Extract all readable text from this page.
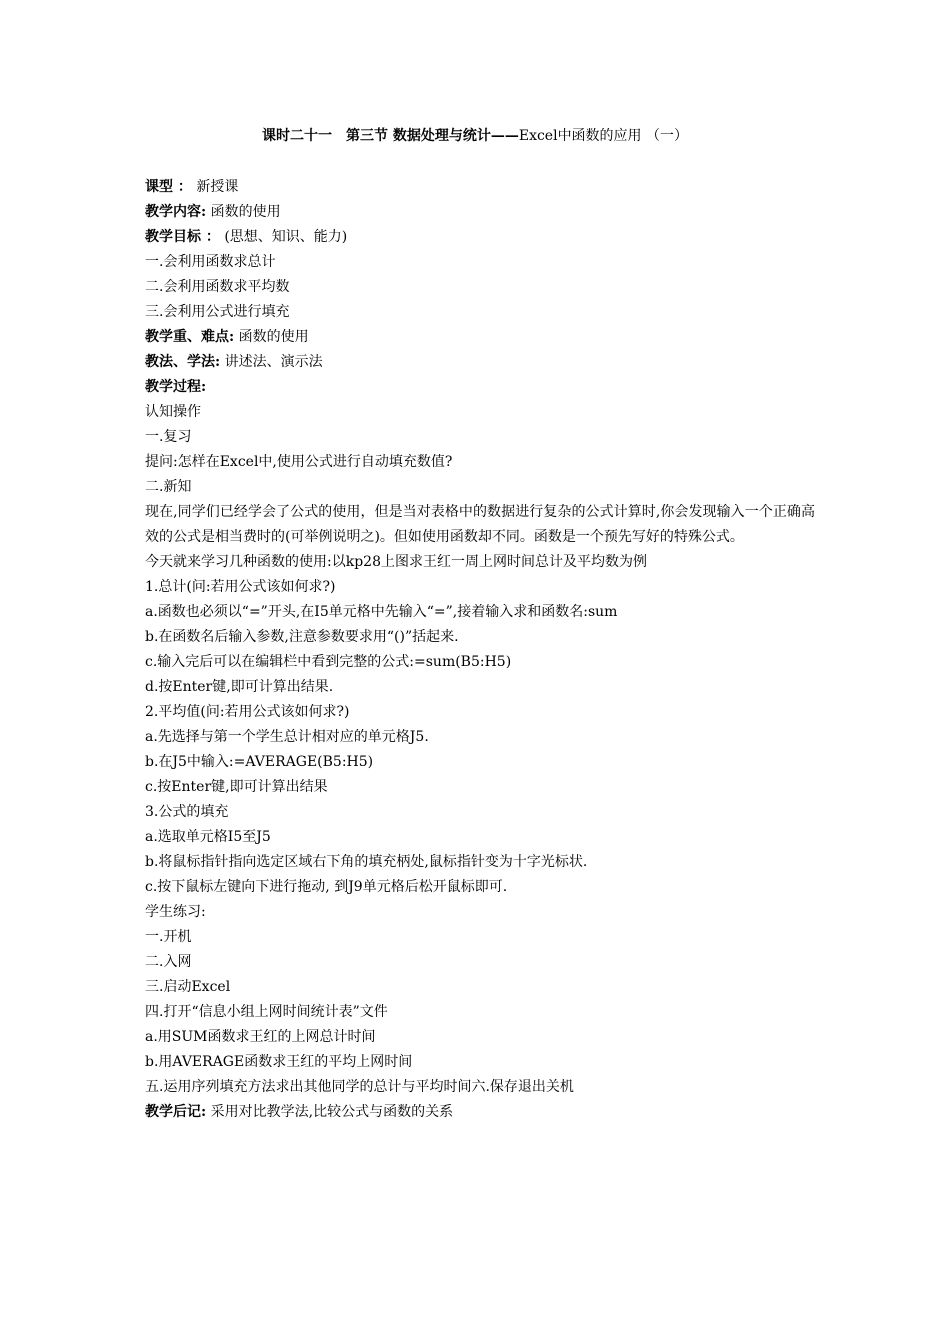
课时二十一　第三节 数据处理与统计——Excel中函数的应用 （一）
课型 ： 新授课
教学内容: 函数的使用
教学目标 ： (思想、知识、能力)
一.会利用函数求总计
二.会利用函数求平均数
三.会利用公式进行填充
教学重、难点: 函数的使用
教法、学法: 讲述法、演示法
教学过程:
认知操作
一.复习
提问:怎样在Excel中,使用公式进行自动填充数值?
二.新知
现在,同学们已经学会了公式的使用，但是当对表格中的数据进行复杂的公式计算时,你会发现输入一个正确高效的公式是相当费时的(可举例说明之)。但如使用函数却不同。函数是一个预先写好的特殊公式。
今天就来学习几种函数的使用:以kp28上图求王红一周上网时间总计及平均数为例
1.总计(问:若用公式该如何求?)
a.函数也必须以“=”开头,在I5单元格中先输入“=”,接着输入求和函数名:sum
b.在函数名后输入参数,注意参数要求用“()”括起来.
c.输入完后可以在编辑栏中看到完整的公式:=sum(B5:H5)
d.按Enter键,即可计算出结果.
2.平均值(问:若用公式该如何求?)
a.先选择与第一个学生总计相对应的单元格J5.
b.在J5中输入:=AVERAGE(B5:H5)
c.按Enter键,即可计算出结果
3.公式的填充
a.选取单元格I5至J5
b.将鼠标指针指向选定区域右下角的填充柄处,鼠标指针变为十字光标状.
c.按下鼠标左键向下进行拖动, 到J9单元格后松开鼠标即可.
学生练习:
一.开机
二.入网
三.启动Excel
四.打开“信息小组上网时间统计表”文件
a.用SUM函数求王红的上网总计时间
b.用AVERAGE函数求王红的平均上网时间
五.运用序列填充方法求出其他同学的总计与平均时间六.保存退出关机
教学后记: 采用对比教学法,比较公式与函数的关系
